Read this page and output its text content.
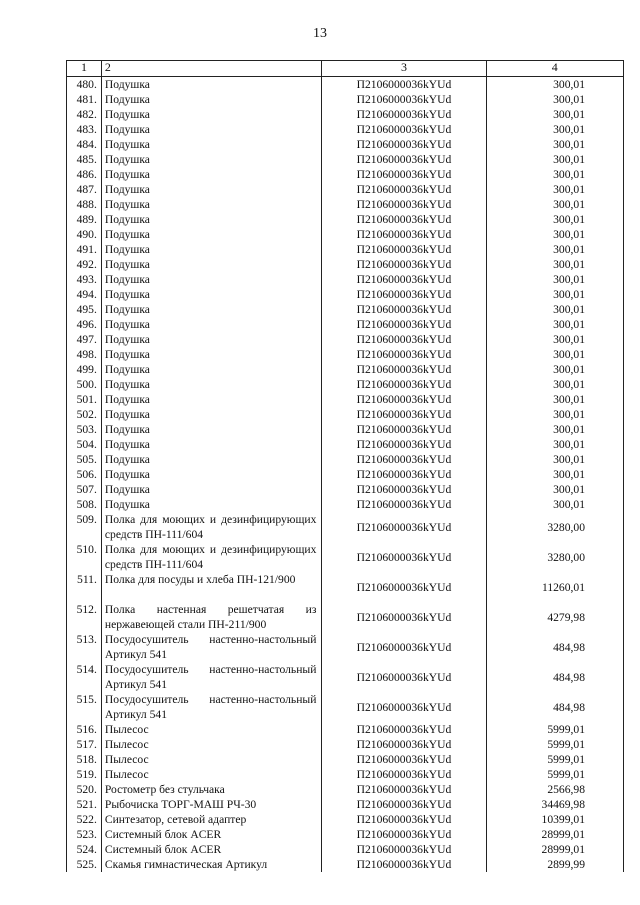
13
1	2	3	4
480.	Подушка	П2106000036kYUd	300,01
481.	Подушка	П2106000036kYUd	300,01
482.	Подушка	П2106000036kYUd	300,01
483.	Подушка	П2106000036kYUd	300,01
484.	Подушка	П2106000036kYUd	300,01
485.	Подушка	П2106000036kYUd	300,01
486.	Подушка	П2106000036kYUd	300,01
487.	Подушка	П2106000036kYUd	300,01
488.	Подушка	П2106000036kYUd	300,01
489.	Подушка	П2106000036kYUd	300,01
490.	Подушка	П2106000036kYUd	300,01
491.	Подушка	П2106000036kYUd	300,01
492.	Подушка	П2106000036kYUd	300,01
493.	Подушка	П2106000036kYUd	300,01
494.	Подушка	П2106000036kYUd	300,01
495.	Подушка	П2106000036kYUd	300,01
496.	Подушка	П2106000036kYUd	300,01
497.	Подушка	П2106000036kYUd	300,01
498.	Подушка	П2106000036kYUd	300,01
499.	Подушка	П2106000036kYUd	300,01
500.	Подушка	П2106000036kYUd	300,01
501.	Подушка	П2106000036kYUd	300,01
502.	Подушка	П2106000036kYUd	300,01
503.	Подушка	П2106000036kYUd	300,01
504.	Подушка	П2106000036kYUd	300,01
505.	Подушка	П2106000036kYUd	300,01
506.	Подушка	П2106000036kYUd	300,01
507.	Подушка	П2106000036kYUd	300,01
508.	Подушка	П2106000036kYUd	300,01
509.	Полка для моющих и дезинфицирующих средств ПН-111/604	П2106000036kYUd	3280,00
510.	Полка для моющих и дезинфицирующих средств ПН-111/604	П2106000036kYUd	3280,00
511.	Полка для посуды и хлеба ПН-121/900	П2106000036kYUd	11260,01
512.	Полка настенная решетчатая из нержавеющей стали ПН-211/900	П2106000036kYUd	4279,98
513.	Посудосушитель настенно-настольный Артикул 541	П2106000036kYUd	484,98
514.	Посудосушитель настенно-настольный Артикул 541	П2106000036kYUd	484,98
515.	Посудосушитель настенно-настольный Артикул 541	П2106000036kYUd	484,98
516.	Пылесос	П2106000036kYUd	5999,01
517.	Пылесос	П2106000036kYUd	5999,01
518.	Пылесос	П2106000036kYUd	5999,01
519.	Пылесос	П2106000036kYUd	5999,01
520.	Ростометр без стульчака	П2106000036kYUd	2566,98
521.	Рыбочиска ТОРГ-МАШ РЧ-30	П2106000036kYUd	34469,98
522.	Синтезатор, сетевой адаптер	П2106000036kYUd	10399,01
523.	Системный блок ACER	П2106000036kYUd	28999,01
524.	Системный блок ACER	П2106000036kYUd	28999,01
525.	Скамья гимнастическая Артикул	П2106000036kYUd	2899,99
